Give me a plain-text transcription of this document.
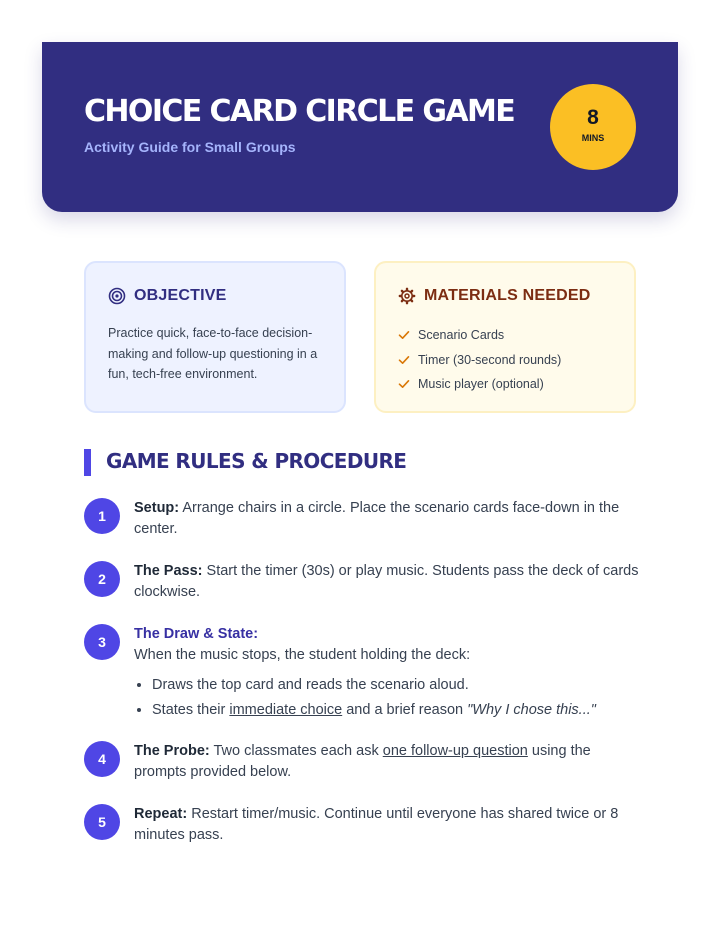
CHOICE CARD CIRCLE GAME
Activity Guide for Small Groups
8
MINS
OBJECTIVE

Practice quick, face-to-face decision-making and follow-up questioning in a fun, tech-free environment.

MATERIALS NEEDED
Scenario Cards
Timer (30-second rounds)
Music player (optional)
GAME RULES & PROCEDURE
1	Setup: Arrange chairs in a circle. Place the scenario cards face-down in the center.

2	The Pass: Start the timer (30s) or play music. Students pass the deck of cards clockwise.

3	The Draw & State:
When the music stops, the student holding the deck:
• Draws the top card and reads the scenario aloud.
• States their immediate choice and a brief reason "Why I chose this..."
4	The Probe: Two classmates each ask one follow-up question using the prompts provided below.

5	Repeat: Restart timer/music. Continue until everyone has shared twice or 8 minutes pass.
